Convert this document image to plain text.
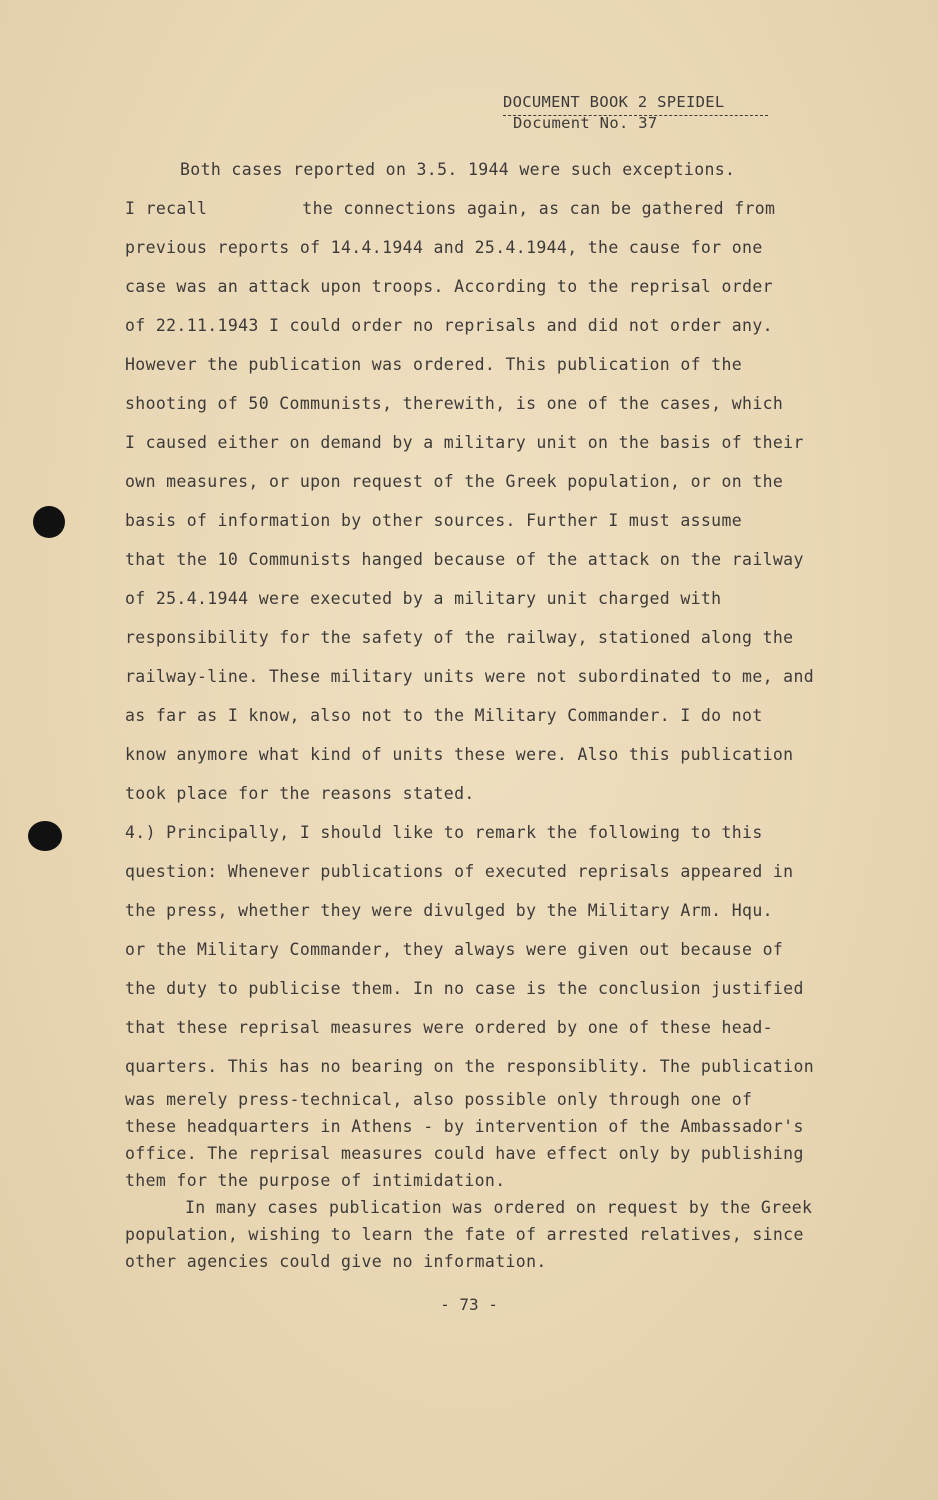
DOCUMENT BOOK 2 SPEIDEL
Document No. 37
Both cases reported on 3.5. 1944 were such exceptions.
I recall	the connections again, as can be gathered from
previous reports of 14.4.1944 and 25.4.1944, the cause for one
case was an attack upon troops. According to the reprisal order
of 22.11.1943 I could order no reprisals and did not order any.
However the publication was ordered. This publication of the
shooting of 50 Communists, therewith, is one of the cases, which
I caused either on demand by a military unit on the basis of their
own measures, or upon request of the Greek population, or on the
basis of information by other sources. Further I must assume
that the 10 Communists hanged because of the attack on the railway
of 25.4.1944 were executed by a military unit charged with
responsibility for the safety of the railway, stationed along the
railway-line. These military units were not subordinated to me, and
as far as I know, also not to the Military Commander. I do not
know anymore what kind of units these were. Also this publication
took place for the reasons stated.
4.) Principally, I should like to remark the following to this
question: Whenever publications of executed reprisals appeared in
the press, whether they were divulged by the Military Arm. Hqu.
or the Military Commander, they always were given out because of
the duty to publicise them. In no case is the conclusion justified
that these reprisal measures were ordered by one of these head-
quarters. This has no bearing on the responsiblity. The publication
was merely press-technical, also possible only through one of
these headquarters in Athens - by intervention of the Ambassador's
office. The reprisal measures could have effect only by publishing
them for the purpose of intimidation.
In many cases publication was ordered on request by the Greek
population, wishing to learn the fate of arrested relatives, since
other agencies could give no information.
- 73 -
